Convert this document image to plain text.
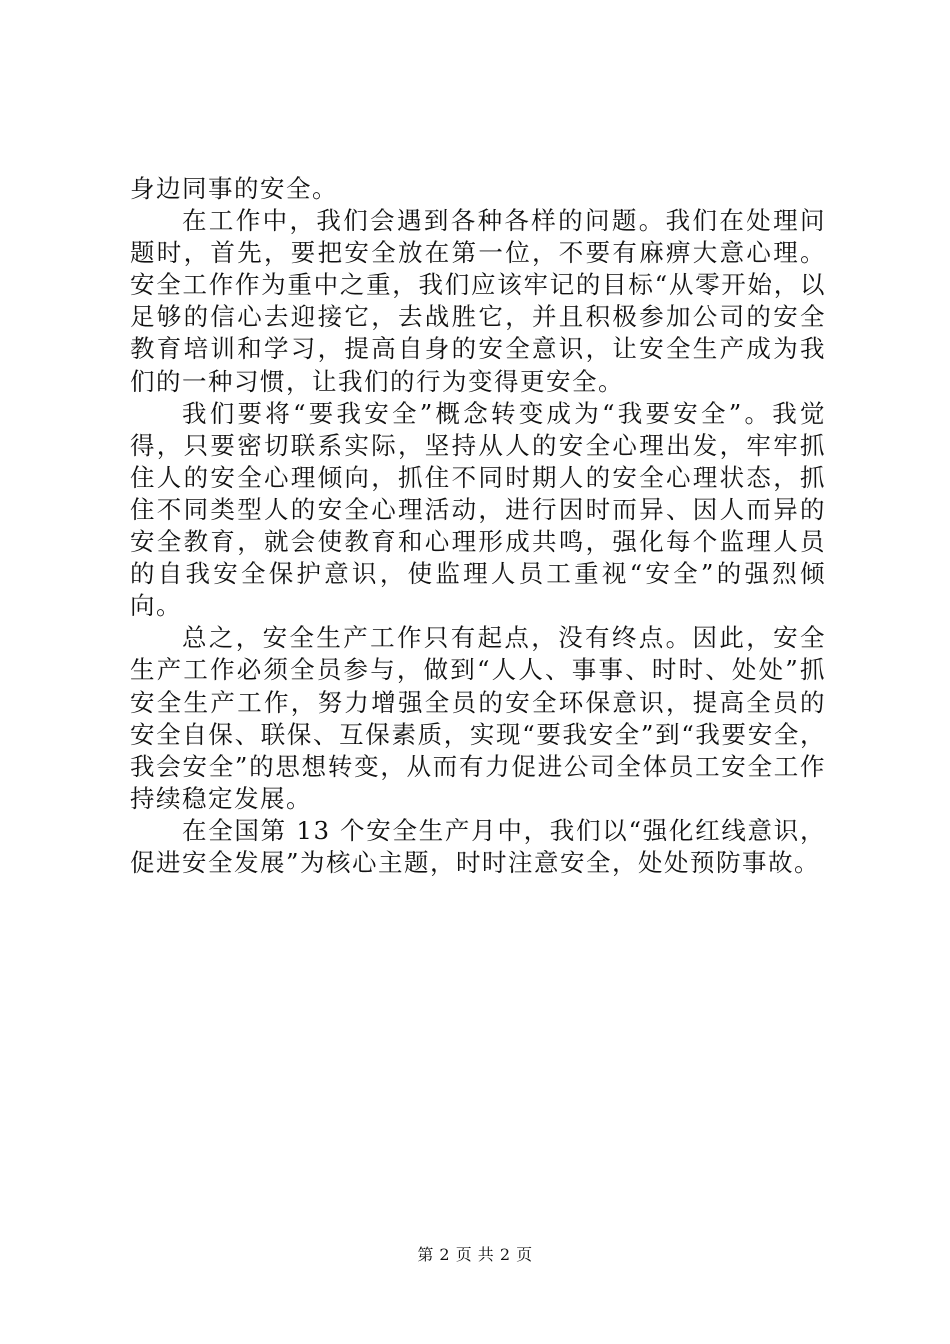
身边同事的安全。

在工作中，我们会遇到各种各样的问题。我们在处理问题时，首先，要把安全放在第一位，不要有麻痹大意心理。安全工作作为重中之重，我们应该牢记的目标“从零开始，以足够的信心去迎接它，去战胜它，并且积极参加公司的安全教育培训和学习，提高自身的安全意识，让安全生产成为我们的一种习惯，让我们的行为变得更安全。

我们要将“要我安全”概念转变成为“我要安全”。我觉得，只要密切联系实际，坚持从人的安全心理出发，牢牢抓住人的安全心理倾向，抓住不同时期人的安全心理状态，抓住不同类型人的安全心理活动，进行因时而异、因人而异的安全教育，就会使教育和心理形成共鸣，强化每个监理人员的自我安全保护意识，使监理人员工重视“安全”的强烈倾向。

总之，安全生产工作只有起点，没有终点。因此，安全生产工作必须全员参与，做到“人人、事事、时时、处处”抓安全生产工作，努力增强全员的安全环保意识，提高全员的安全自保、联保、互保素质，实现“要我安全”到“我要安全，我会安全”的思想转变，从而有力促进公司全体员工安全工作持续稳定发展。

在全国第 13 个安全生产月中，我们以“强化红线意识，促进安全发展”为核心主题，时时注意安全，处处预防事故。

第 2 页 共 2 页
